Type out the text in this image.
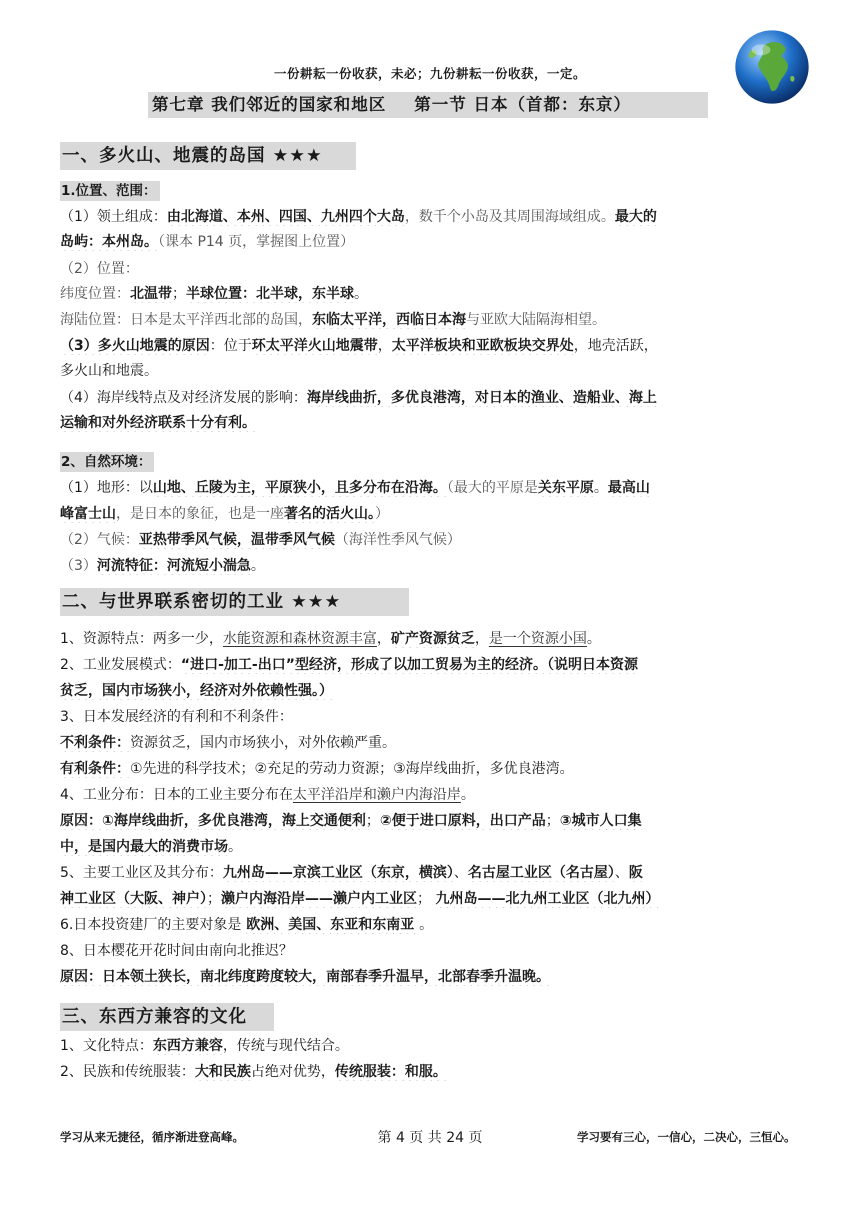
一份耕耘一份收获，未必；九份耕耘一份收获，一定。
第七章 我们邻近的国家和地区 第一节 日本（首都：东京）
一、多火山、地震的岛国 ★★★
1.位置、范围：
（1）领土组成：由北海道、本州、四国、九州四个大岛，数千个小岛及其周围海域组成。最大的
岛屿：本州岛。（课本 P14 页，掌握图上位置）
（2）位置：
纬度位置：北温带；半球位置：北半球，东半球。
海陆位置：日本是太平洋西北部的岛国，东临太平洋，西临日本海与亚欧大陆隔海相望。
（3）多火山地震的原因：位于环太平洋火山地震带，太平洋板块和亚欧板块交界处，地壳活跃，
多火山和地震。
（4）海岸线特点及对经济发展的影响：海岸线曲折，多优良港湾，对日本的渔业、造船业、海上
运输和对外经济联系十分有利。
2、自然环境：
（1）地形：以山地、丘陵为主，平原狭小，且多分布在沿海。（最大的平原是关东平原。最高山
峰富士山，是日本的象征，也是一座著名的活火山。）
（2）气候：亚热带季风气候，温带季风气候（海洋性季风气候）
（3）河流特征：河流短小湍急。
二、与世界联系密切的工业 ★★★
1、资源特点：两多一少，水能资源和森林资源丰富，矿产资源贫乏，是一个资源小国。
2、工业发展模式：“进口-加工-出口”型经济，形成了以加工贸易为主的经济。（说明日本资源
贫乏，国内市场狭小，经济对外依赖性强。）
3、日本发展经济的有利和不利条件：
不利条件：资源贫乏，国内市场狭小，对外依赖严重。
有利条件：①先进的科学技术；②充足的劳动力资源；③海岸线曲折，多优良港湾。
4、工业分布：日本的工业主要分布在太平洋沿岸和濑户内海沿岸。
原因：①海岸线曲折，多优良港湾，海上交通便利；②便于进口原料，出口产品；③城市人口集
中，是国内最大的消费市场。
5、主要工业区及其分布：九州岛——京滨工业区（东京，横滨）、名古屋工业区（名古屋）、阪
神工业区（大阪、神户）；濑户内海沿岸——濑户内工业区； 九州岛——北九州工业区（北九州）
6.日本投资建厂的主要对象是 欧洲、美国、东亚和东南亚 。
8、日本樱花开花时间由南向北推迟？
原因：日本领土狭长，南北纬度跨度较大，南部春季升温早，北部春季升温晚。
三、东西方兼容的文化
1、文化特点：东西方兼容，传统与现代结合。
2、民族和传统服装：大和民族占绝对优势，传统服装：和服。
学习从来无捷径，循序渐进登高峰。	第 4 页 共 24 页	学习要有三心，一信心，二决心，三恒心。
